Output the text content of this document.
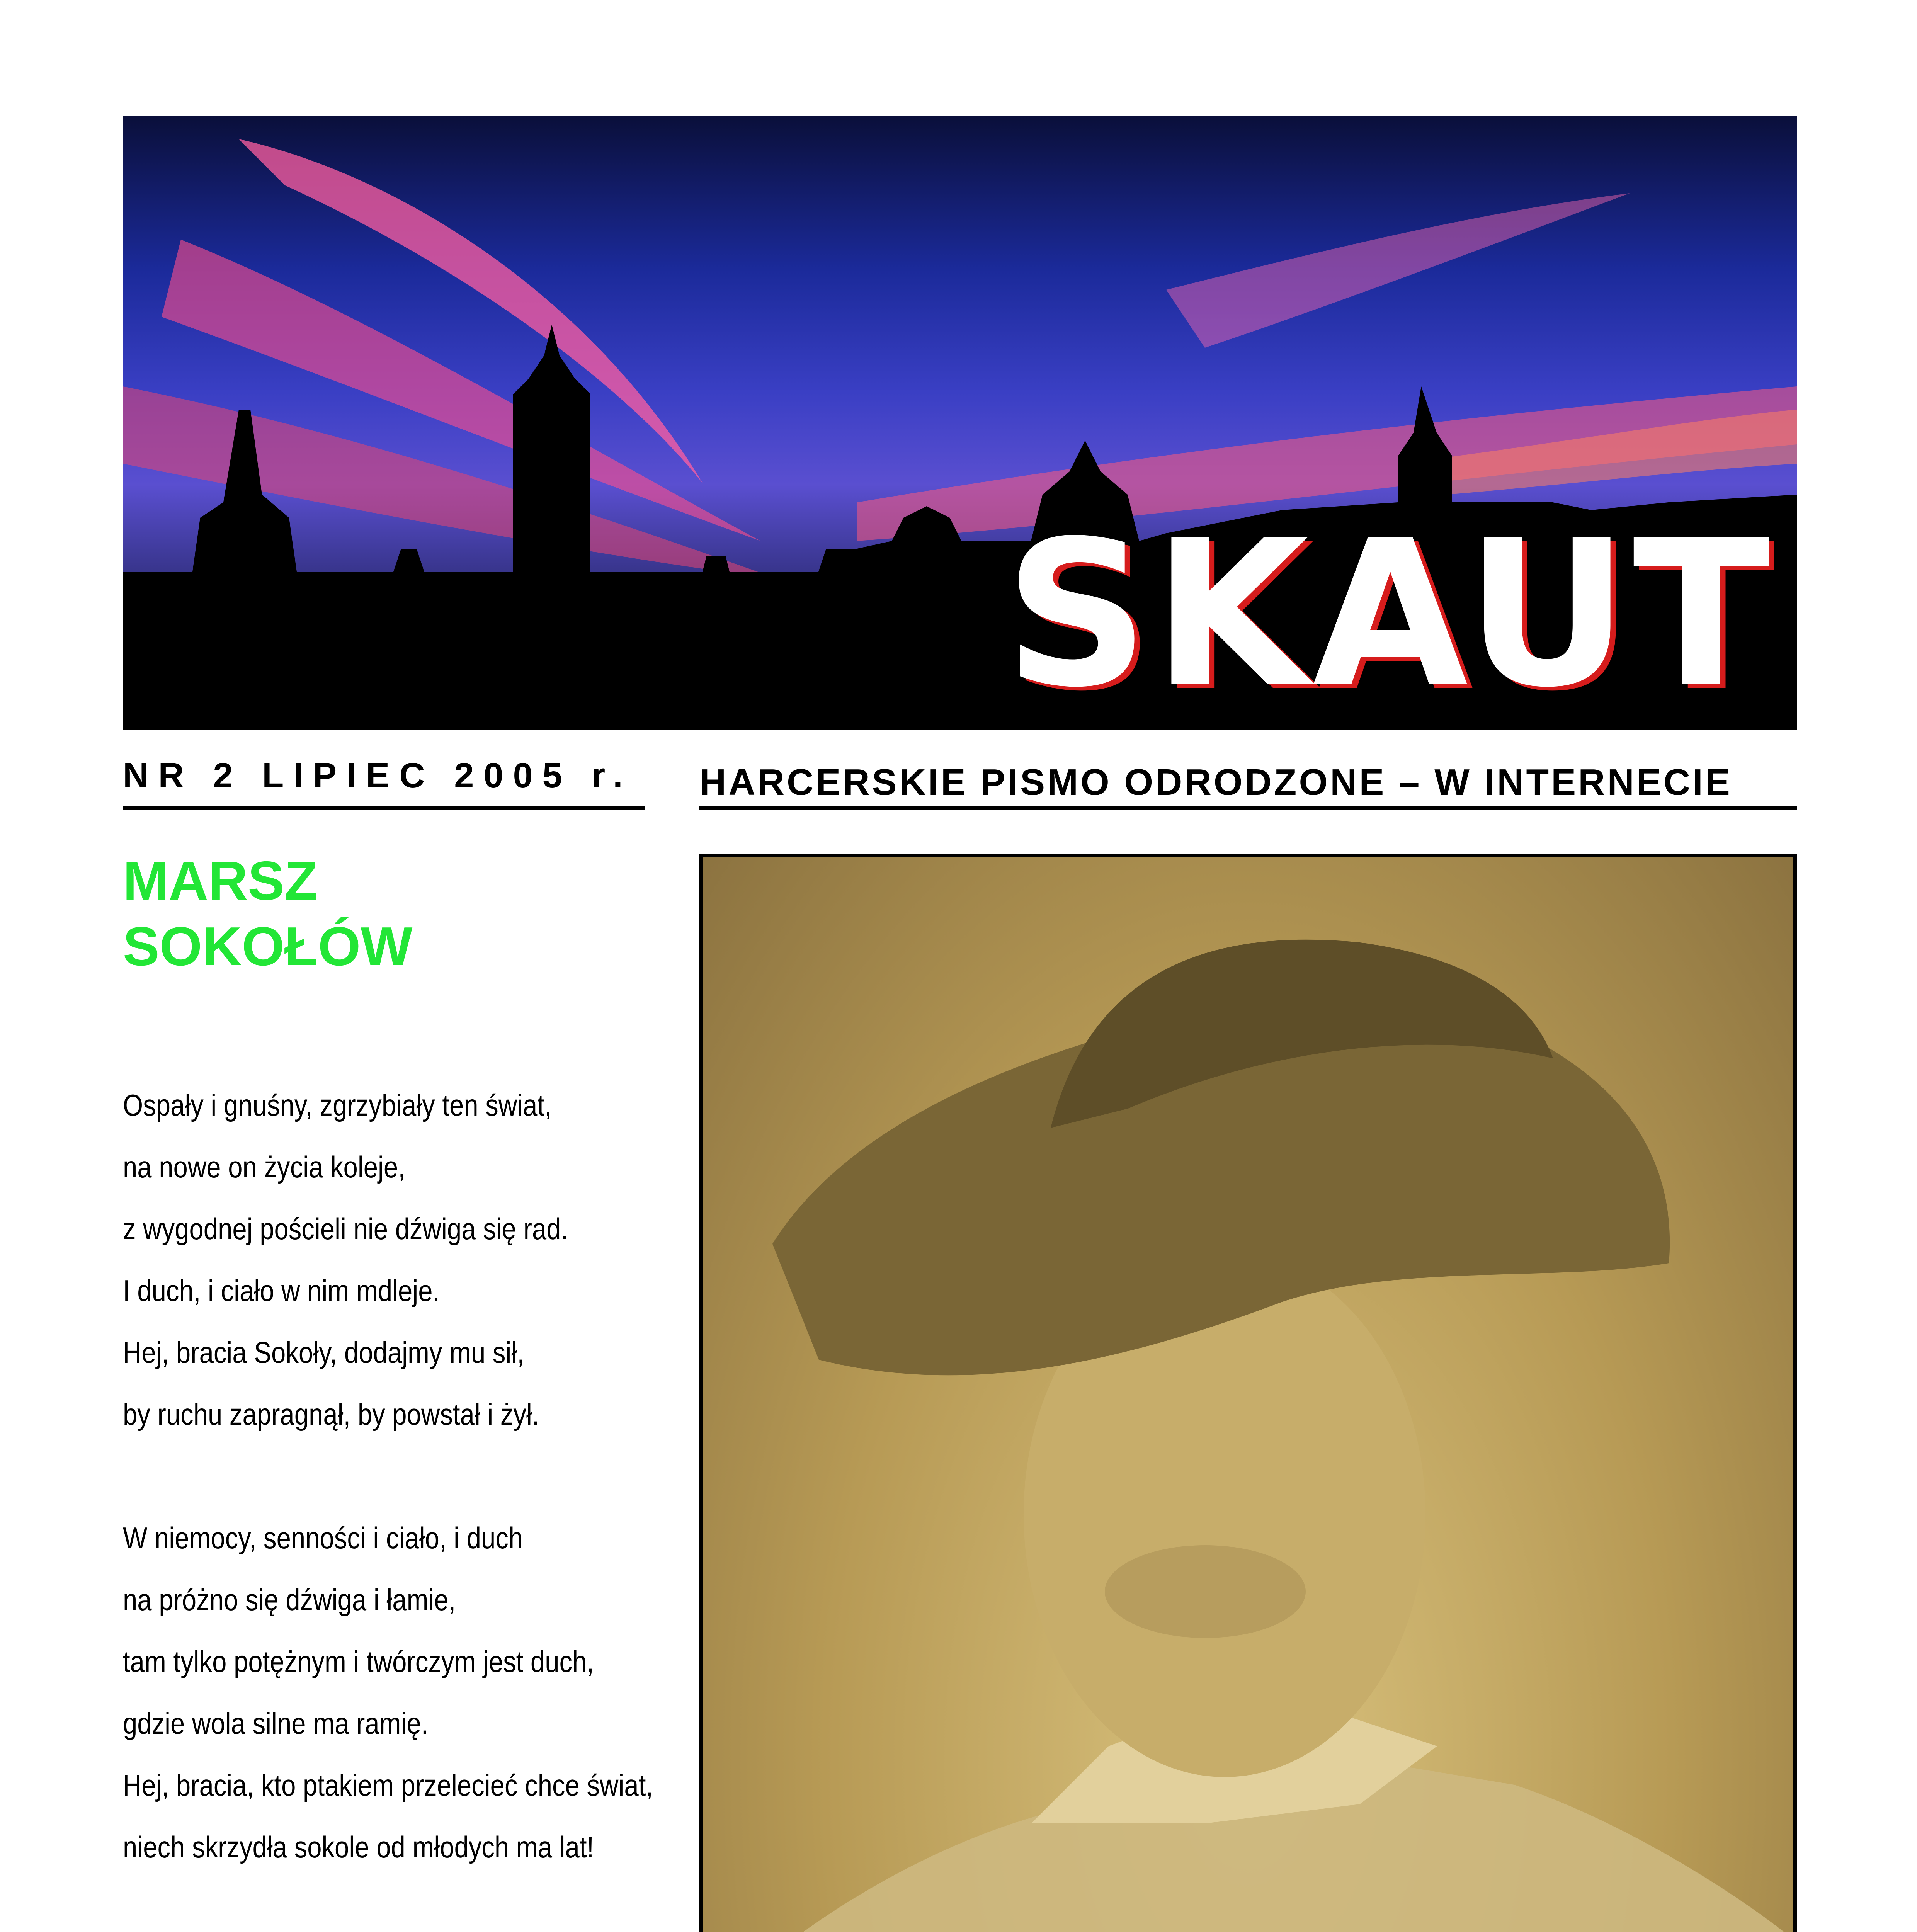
SKAUT
NR 2 LIPIEC 2005 r.	HARCERSKIE PISMO ODRODZONE – W INTERNECIE
MARSZ
SOKOŁÓW
Ospały i gnuśny, zgrzybiały ten świat,
na nowe on życia koleje,
z wygodnej pościeli nie dźwiga się rad.
I duch, i ciało w nim mdleje.
Hej, bracia Sokoły, dodajmy mu sił,
by ruchu zapragnął, by powstał i żył.
W niemocy, senności i ciało, i duch
na próżno się dźwiga i łamie,
tam tylko potężnym i twórczym jest duch,
gdzie wola silne ma ramię.
Hej, bracia, kto ptakiem przelecieć chce świat,
niech skrzydła sokole od młodych ma lat!
